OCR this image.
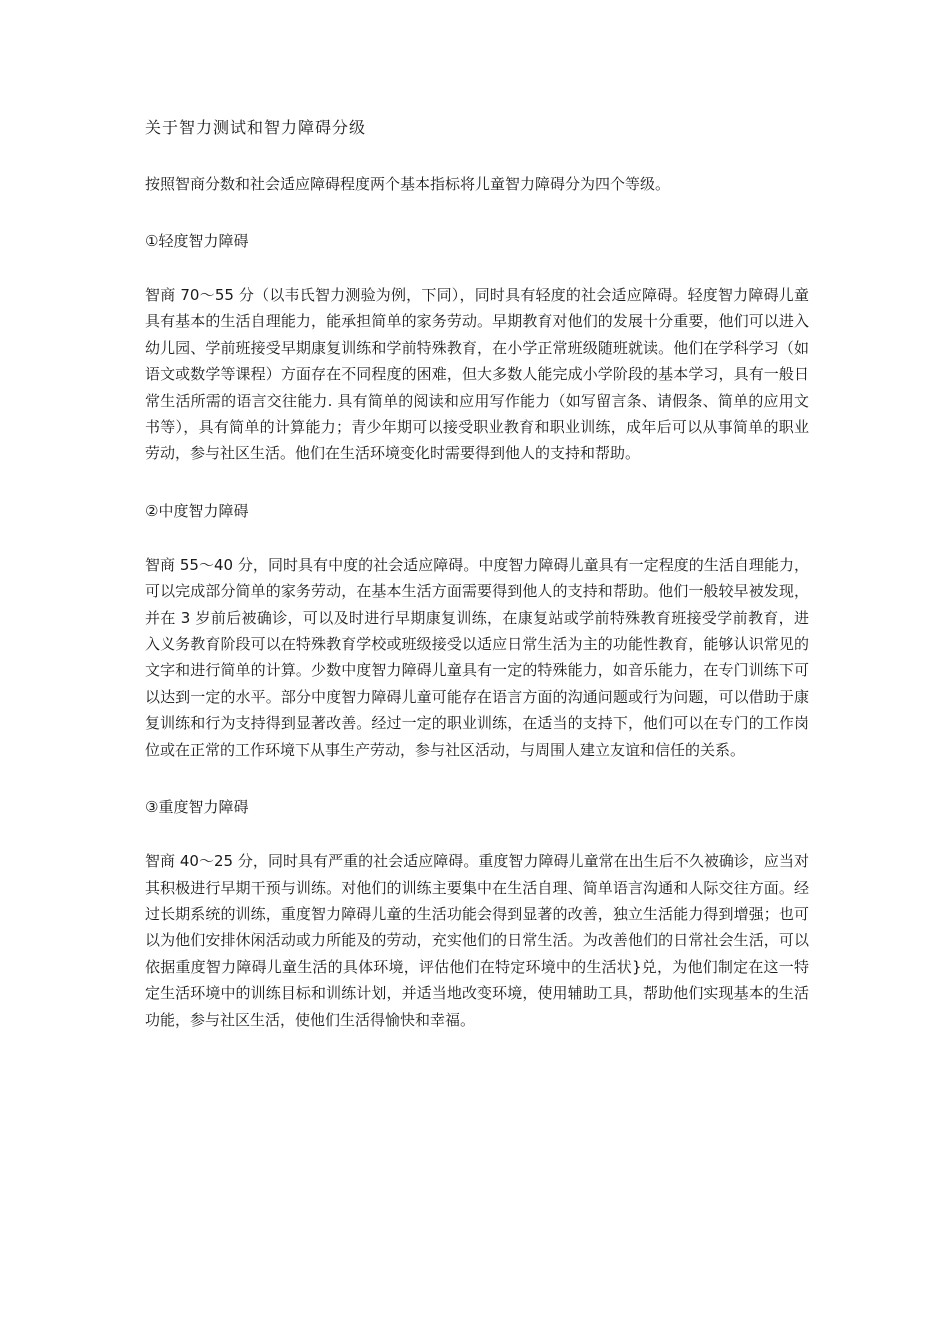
关于智力测试和智力障碍分级

按照智商分数和社会适应障碍程度两个基本指标将儿童智力障碍分为四个等级。

①轻度智力障碍

智商 70～55 分（以韦氏智力测验为例，下同），同时具有轻度的社会适应障碍。轻度智力障碍儿童具有基本的生活自理能力，能承担简单的家务劳动。早期教育对他们的发展十分重要，他们可以进入幼儿园、学前班接受早期康复训练和学前特殊教育，在小学正常班级随班就读。他们在学科学习（如语文或数学等课程）方面存在不同程度的困难，但大多数人能完成小学阶段的基本学习，具有一般日常生活所需的语言交往能力. 具有简单的阅读和应用写作能力（如写留言条、请假条、简单的应用文书等），具有简单的计算能力；青少年期可以接受职业教育和职业训练，成年后可以从事简单的职业劳动，参与社区生活。他们在生活环境变化时需要得到他人的支持和帮助。

②中度智力障碍

智商 55～40 分，同时具有中度的社会适应障碍。中度智力障碍儿童具有一定程度的生活自理能力，可以完成部分简单的家务劳动，在基本生活方面需要得到他人的支持和帮助。他们一般较早被发现，并在 3 岁前后被确诊，可以及时进行早期康复训练，在康复站或学前特殊教育班接受学前教育，进入义务教育阶段可以在特殊教育学校或班级接受以适应日常生活为主的功能性教育，能够认识常见的文字和进行简单的计算。少数中度智力障碍儿童具有一定的特殊能力，如音乐能力，在专门训练下可以达到一定的水平。部分中度智力障碍儿童可能存在语言方面的沟通问题或行为问题，可以借助于康复训练和行为支持得到显著改善。经过一定的职业训练，在适当的支持下，他们可以在专门的工作岗位或在正常的工作环境下从事生产劳动，参与社区活动，与周围人建立友谊和信任的关系。

③重度智力障碍

智商 40～25 分，同时具有严重的社会适应障碍。重度智力障碍儿童常在出生后不久被确诊，应当对其积极进行早期干预与训练。对他们的训练主要集中在生活自理、简单语言沟通和人际交往方面。经过长期系统的训练，重度智力障碍儿童的生活功能会得到显著的改善，独立生活能力得到增强；也可以为他们安排休闲活动或力所能及的劳动，充实他们的日常生活。为改善他们的日常社会生活，可以依据重度智力障碍儿童生活的具体环境，评估他们在特定环境中的生活状}兑，为他们制定在这一特定生活环境中的训练目标和训练计划，并适当地改变环境，使用辅助工具，帮助他们实现基本的生活功能，参与社区生活，使他们生活得愉快和幸福。
